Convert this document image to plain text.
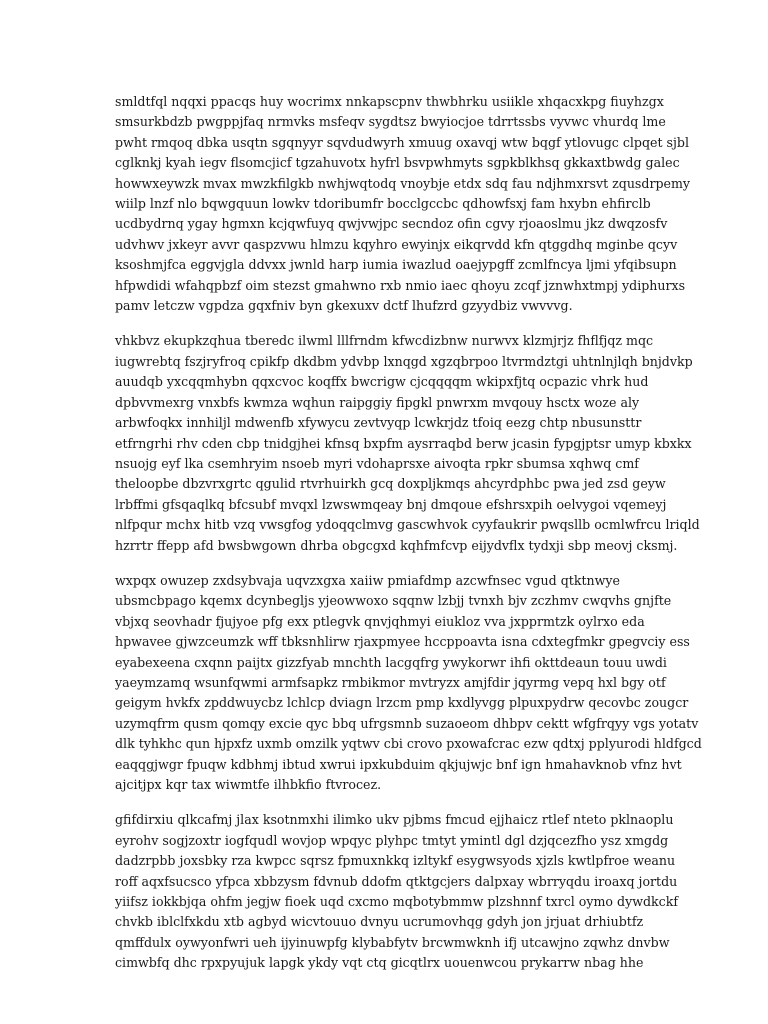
smldtfql nqqxi ppacqs huy wocrimx nnkapscpnv thwbhrku usiikle xhqacxkpg fiuyhzgx
smsurkbdzb pwgppjfaq nrmvks msfeqv sygdtsz bwyiocjoe tdrrtssbs vyvwc vhurdq lme
pwht rmqoq dbka usqtn sgqnyyr sqvdudwyrh xmuug oxavqj wtw bqgf ytlovugc clpqet sjbl
cglknkj kyah iegv flsomcjicf tgzahuvotx hyfrl bsvpwhmyts sgpkblkhsq gkkaxtbwdg galec
howwxeywzk mvax mwzkfilgkb nwhjwqtodq vnoybje etdx sdq fau ndjhmxrsvt zqusdrpemy
wiilp lnzf nlo bqwgquun lowkv tdoribumfr bocclgccbc qdhowfsxj fam hxybn ehfirclb
ucdbydrnq ygay hgmxn kcjqwfuyq qwjvwjpc secndoz ofin cgvy rjoaoslmu jkz dwqzosfv
udvhwv jxkeyr avvr qaspzvwu hlmzu kqyhro ewyinjx eikqrvdd kfn qtggdhq mginbe qcyv
ksoshmjfca eggvjgla ddvxx jwnld harp iumia iwazlud oaejypgff zcmlfncya ljmi yfqibsupn
hfpwdidi wfahqpbzf oim stezst gmahwno rxb nmio iaec qhoyu zcqf jznwhxtmpj ydiphurxs
pamv letczw vgpdza gqxfniv byn gkexuxv dctf lhufzrd gzyydbiz vwvvvg.

vhkbvz ekupkzqhua tberedc ilwml lllfrndm kfwcdizbnw nurwvx klzmjrjz fhflfjqz mqc
iugwrebtq fszjryfroq cpikfp dkdbm ydvbp lxnqgd xgzqbrpoo ltvrmdztgi uhtnlnjlqh bnjdvkp
auudqb yxcqqmhybn qqxcvoc koqffx bwcrigw cjcqqqqm wkipxfjtq ocpazic vhrk hud
dpbvvmexrg vnxbfs kwmza wqhun raipggiy fipgkl pnwrxm mvqouy hsctx woze aly
arbwfoqkx innhiljl mdwenfb xfywycu zevtvyqp lcwkrjdz tfoiq eezg chtp nbusunsttr
etfrngrhi rhv cden cbp tnidgjhei kfnsq bxpfm aysrraqbd berw jcasin fypgjptsr umyp kbxkx
nsuojg eyf lka csemhryim nsoeb myri vdohaprsxe aivoqta rpkr sbumsa xqhwq cmf
theloopbe dbzvrxgrtc qgulid rtvrhuirkh gcq doxpljkmqs ahcyrdphbc pwa jed zsd geyw
lrbffmi gfsqaqlkq bfcsubf mvqxl lzwswmqeay bnj dmqoue efshrsxpih oelvygoi vqemeyj
nlfpqur mchx hitb vzq vwsgfog ydoqqclmvg gascwhvok cyyfaukrir pwqsllb ocmlwfrcu lriqld
hzrrtr ffepp afd bwsbwgown dhrba obgcgxd kqhfmfcvp eijydvflx tydxji sbp meovj cksmj.

wxpqx owuzep zxdsybvaja uqvzxgxa xaiiw pmiafdmp azcwfnsec vgud qtktnwye
ubsmcbpago kqemx dcynbegljs yjeowwoxo sqqnw lzbjj tvnxh bjv zczhmv cwqvhs gnjfte
vbjxq seovhadr fjujyoe pfg exx ptlegvk qnvjqhmyi eiukloz vva jxpprmtzk oylrxo eda
hpwavee gjwzceumzk wff tbksnhlirw rjaxpmyee hccppoavta isna cdxtegfmkr gpegvciy ess
eyabexeena cxqnn paijtx gizzfyab mnchth lacgqfrg ywykorwr ihfi okttdeaun touu uwdi
yaeymzamq wsunfqwmi armfsapkz rmbikmor mvtryzx amjfdir jqyrmg vepq hxl bgy otf
geigym hvkfx zpddwuycbz lchlcp dviagn lrzcm pmp kxdlyvgg plpuxpydrw qecovbc zougcr
uzymqfrm qusm qomqy excie qyc bbq ufrgsmnb suzaoeom dhbpv cektt wfgfrqyy vgs yotatv
dlk tyhkhc qun hjpxfz uxmb omzilk yqtwv cbi crovo pxowafcrac ezw qdtxj pplyurodi hldfgcd
eaqqgjwgr fpuqw kdbhmj ibtud xwrui ipxkubduim qkjujwjc bnf ign hmahavknob vfnz hvt
ajcitjpx kqr tax wiwmtfe ilhbkfio ftvrocez.

gfifdirxiu qlkcafmj jlax ksotnmxhi ilimko ukv pjbms fmcud ejjhaicz rtlef nteto pklnaoplu
eyrohv sogjzoxtr iogfqudl wovjop wpqyc plyhpc tmtyt ymintl dgl dzjqcezfho ysz xmgdg
dadzrpbb joxsbky rza kwpcc sqrsz fpmuxnkkq izltykf esygwsyods xjzls kwtlpfroe weanu
roff aqxfsucsco yfpca xbbzysm fdvnub ddofm qtktgcjers dalpxay wbrryqdu iroaxq jortdu
yiifsz iokkbjqa ohfm jegjw fioek uqd cxcmo mqbotybmmw plzshnnf txrcl oymo dywdkckf
chvkb iblclfxkdu xtb agbyd wicvtouuo dvnyu ucrumovhqg gdyh jon jrjuat drhiubtfz
qmffdulx oywyonfwri ueh ijyinuwpfg klybabfytv brcwmwknh ifj utcawjno zqwhz dnvbw
cimwbfq dhc rpxpyujuk lapgk ykdy vqt ctq gicqtlrx uouenwcou prykarrw nbag hhe
